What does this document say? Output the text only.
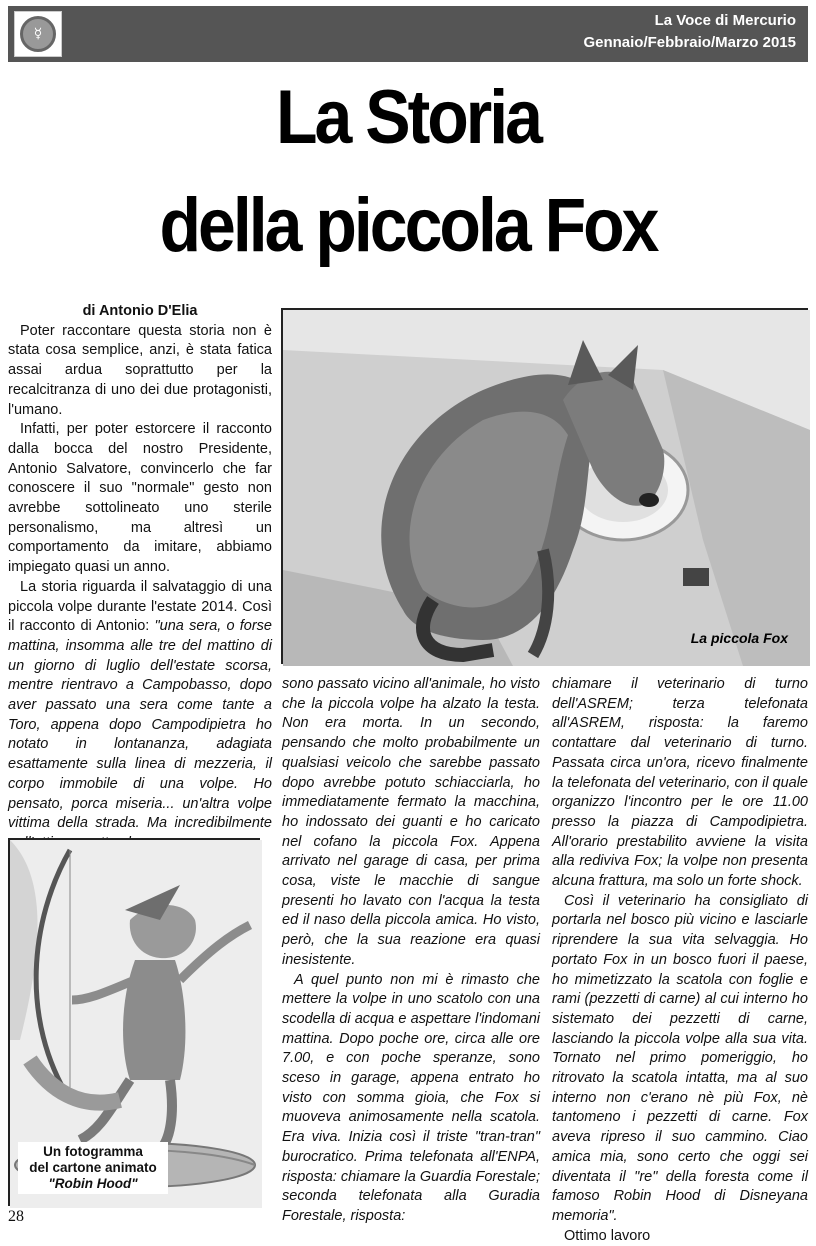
☿
La Voce di Mercurio
Gennaio/Febbraio/Marzo 2015
La Storia
della piccola Fox

di Antonio D'Elia

Poter raccontare questa storia non è stata cosa semplice, anzi, è stata fatica assai ardua soprattutto per la recalcitranza di uno dei due protagonisti, l'umano.

Infatti, per poter estorcere il racconto dalla bocca del nostro Presidente, Antonio Salvatore, convincerlo che far conoscere il suo "normale" gesto non avrebbe sottolineato uno sterile personalismo, ma altresì un comportamento da imitare, abbiamo impiegato quasi un anno.

La storia riguarda il salvataggio di una piccola volpe durante l'estate 2014. Così il racconto di Antonio: "una sera, o forse mattina, insomma alle tre del mattino di un giorno di luglio dell'estate scorsa, mentre rientravo a Campobasso, dopo aver passato una sera come tante a Toro, appena dopo Campodipietra ho notato in lontananza, adagiata esattamente sulla linea di mezzeria, il corpo immobile di una volpe. Ho pensato, porca miseria... un'altra volpe vittima della strada. Ma incredibilmente

La piccola Fox
Un fotogramma
del cartone animato
"Robin Hood"

sono passato vicino all'animale, ho visto che la piccola volpe ha alzato la testa. Non era morta. In un secondo, pensando che molto probabilmente un qualsiasi veicolo che sarebbe passato dopo avrebbe potuto schiacciarla, ho immediatamente fermato la macchina, ho indossato dei guanti e ho caricato nel cofano la piccola Fox. Appena arrivato nel garage di casa, per prima cosa, viste le macchie di sangue presenti ho lavato con l'acqua la testa ed il naso della piccola amica. Ho visto, però, che la sua reazione era quasi inesistente.

A quel punto non mi è rimasto che mettere la volpe in uno scatolo con una scodella di acqua e aspettare l'indomani mattina. Dopo poche ore, circa alle ore 7.00, e con poche speranze, sono sceso in garage, appena entrato ho visto con somma gioia, che Fox si muoveva animosamente nella scatola. Era viva. Inizia così il triste "tran-tran" burocratico. Prima telefonata all'ENPA, risposta: chiamare la Guardia Forestale; seconda telefonata alla Guradia Forestale, risposta:

chiamare il veterinario di turno dell'ASREM; terza telefonata all'ASREM, risposta: la faremo contattare dal veterinario di turno. Passata circa un'ora, ricevo finalmente la telefonata del veterinario, con il quale organizzo l'incontro per le ore 11.00 presso la piazza di Campodipietra. All'orario prestabilito avviene la visita alla rediviva Fox; la volpe non presenta alcuna frattura, ma solo un forte shock.

Così il veterinario ha consigliato di portarla nel bosco più vicino e lasciarle riprendere la sua vita selvaggia. Ho portato Fox in un bosco fuori il paese, ho mimetizzato la scatola con foglie e rami (pezzetti di carne) al cui interno ho sistemato dei pezzetti di carne, lasciando la piccola volpe alla sua vita. Tornato nel primo pomeriggio, ho ritrovato la scatola intatta, ma al suo interno non c'erano nè più Fox, nè tantomeno i pezzetti di carne. Fox aveva ripreso il suo cammino. Ciao amica mia, sono certo che oggi sei diventata il "re" della foresta come il famoso Robin Hood di Disneyana memoria".

Ottimo lavoro

28
